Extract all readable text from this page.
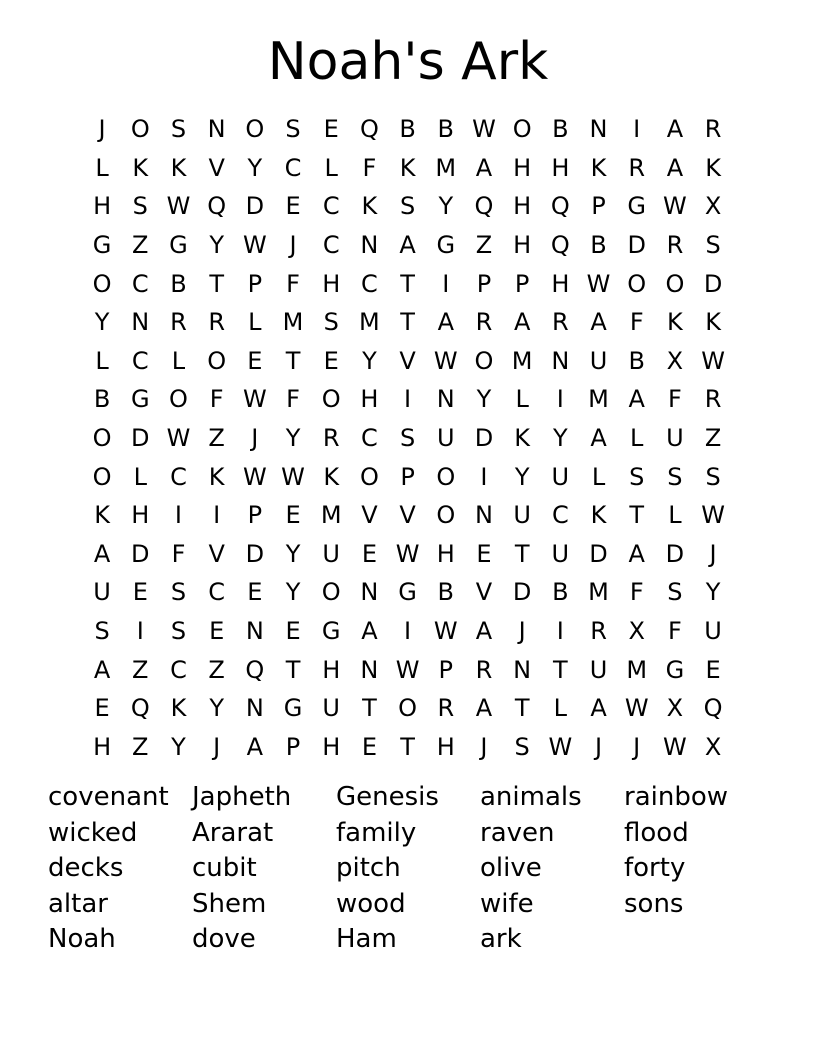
Noah's Ark
J	O S N O S E Q B B W O B N	I	A R
L K K V Y C L	F K M A H H K R A K
H S W Q D E C K S Y Q H Q P G W X
G Z G Y W J	C N A G Z H Q B D R S
O C B T P	F H C T	I	P P H W O O D
Y N R R L M S M T A R A R A F K K
L C L O E T E Y V W O M N U B X W
B G O F W F O H	I	N Y	L	I	M A F R
O D W Z	J	Y R C S U D K Y A L U Z
O L C K W W K O P O	I	Y U L S S S
K H	I	I	P E M V V O N U C K T	L W
A D F V D Y U E W H E T U D A D	J
U E S C E Y O N G B V D B M F S Y
S	I	S E N E G A	I W A	J	I	R X F U
A Z C Z Q T H N W P R N T U M G E
E Q K Y N G U T O R A T	L A W X Q
H Z Y	J	A P H E T H	J	S W J	J W X
covenant Japheth	Genesis	animals	rainbow
wicked	Ararat	family	raven	flood
decks	cubit	pitch	olive	forty
altar	Shem	wood	wife	sons
Noah	dove	Ham	ark
